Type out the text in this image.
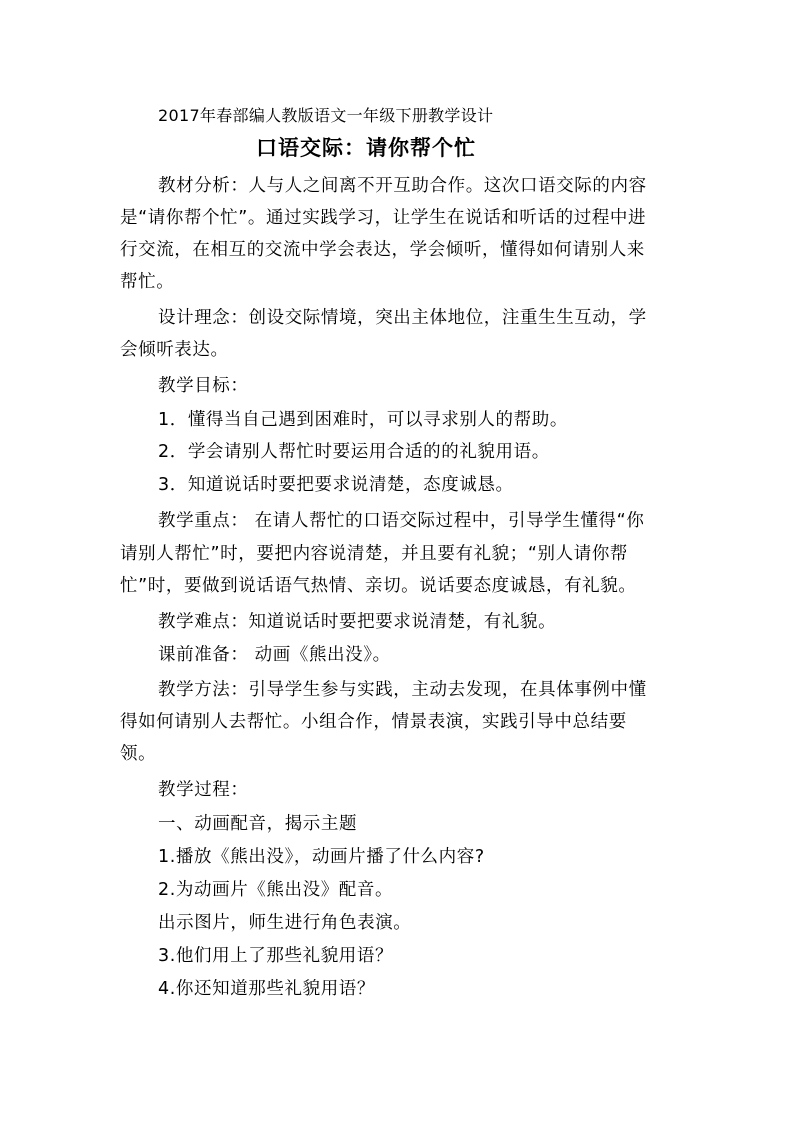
2017年春部编人教版语文一年级下册教学设计
口语交际：请你帮个忙
教材分析：人与人之间离不开互助合作。这次口语交际的内容
是“请你帮个忙”。通过实践学习，让学生在说话和听话的过程中进
行交流，在相互的交流中学会表达，学会倾听，懂得如何请别人来
帮忙。
设计理念：创设交际情境，突出主体地位，注重生生互动，学
会倾听表达。
教学目标：
1．懂得当自己遇到困难时，可以寻求别人的帮助。
2．学会请别人帮忙时要运用合适的的礼貌用语。
3．知道说话时要把要求说清楚，态度诚恳。
教学重点： 在请人帮忙的口语交际过程中，引导学生懂得“你
请别人帮忙”时，要把内容说清楚，并且要有礼貌；“别人请你帮
忙”时，要做到说话语气热情、亲切。说话要态度诚恳，有礼貌。
教学难点：知道说话时要把要求说清楚，有礼貌。
课前准备： 动画《熊出没》。
教学方法：引导学生参与实践，主动去发现，在具体事例中懂
得如何请别人去帮忙。小组合作，情景表演，实践引导中总结要
领。
教学过程：
一、动画配音，揭示主题
1.播放《熊出没》，动画片播了什么内容?
2.为动画片《熊出没》配音。
出示图片，师生进行角色表演。
3.他们用上了那些礼貌用语？
4.你还知道那些礼貌用语？
